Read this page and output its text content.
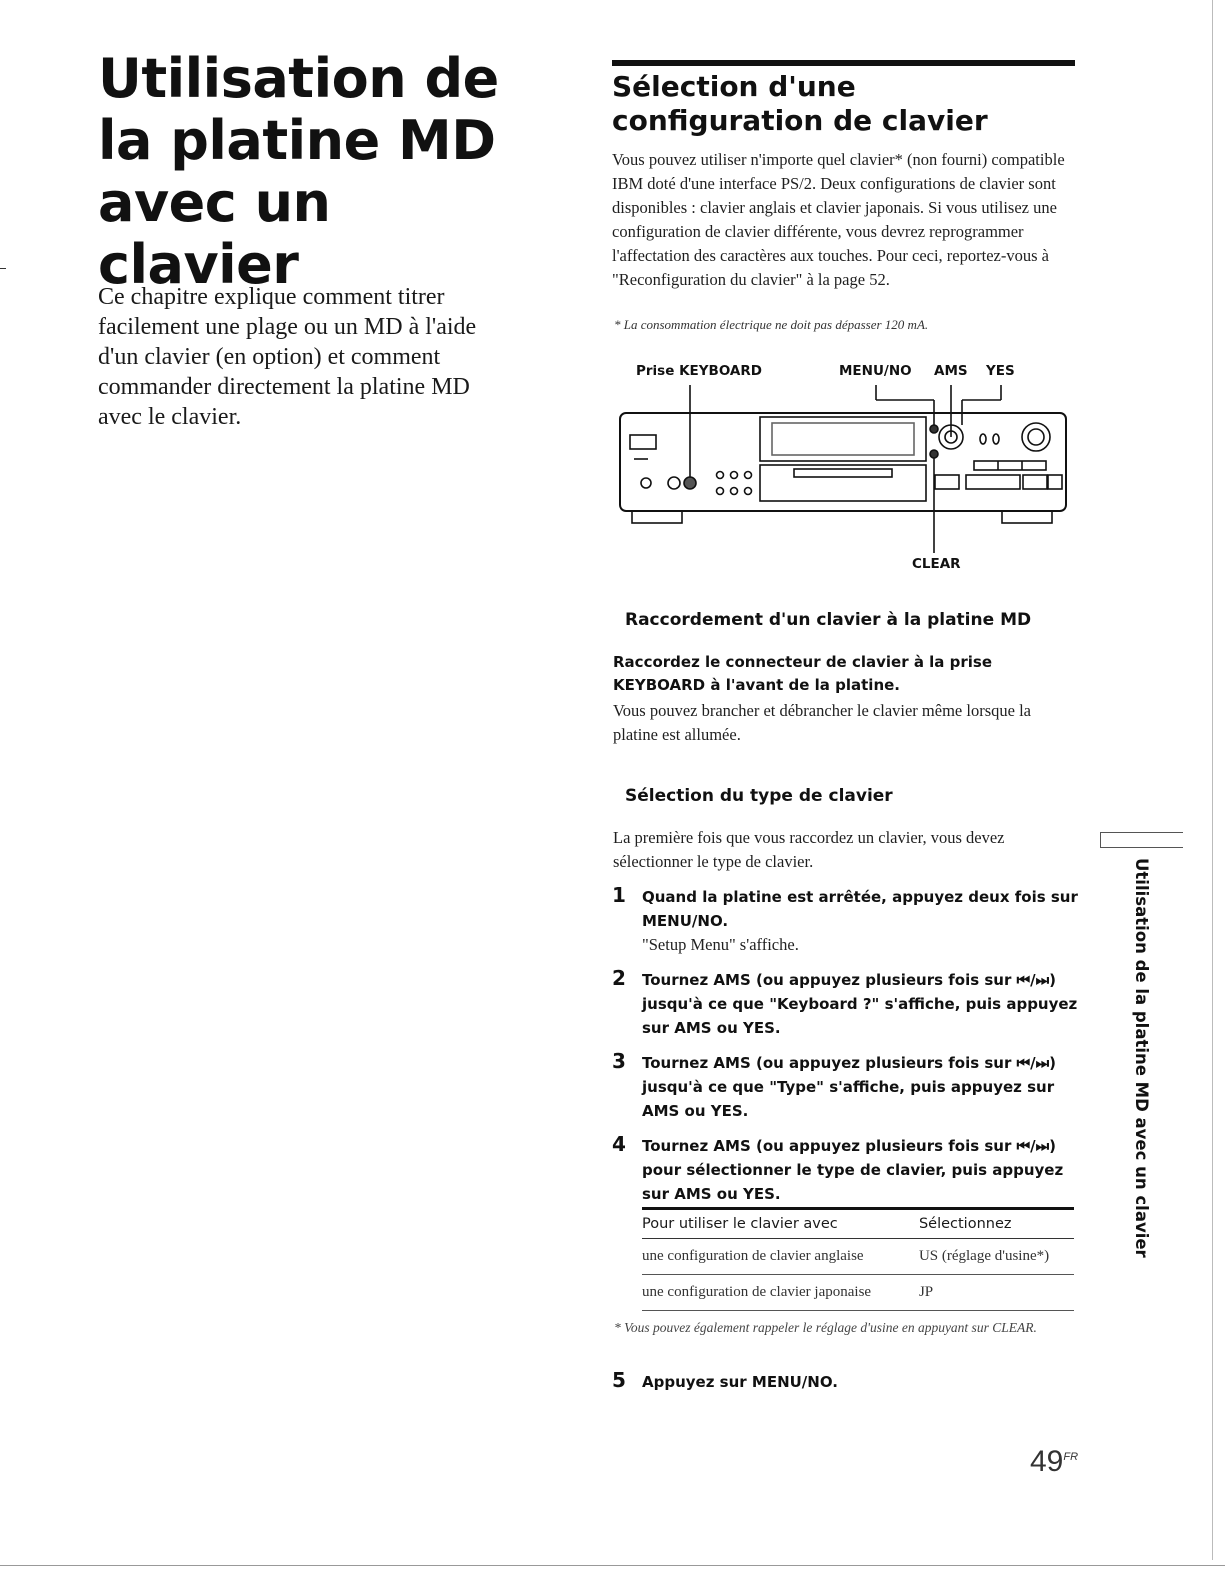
Utilisation de
la platine MD
avec un clavier

Ce chapitre explique comment titrer facilement une plage ou un MD à l'aide d'un clavier (en option) et comment commander directement la platine MD avec le clavier.

Sélection d'une
configuration de clavier

Vous pouvez utiliser n'importe quel clavier* (non fourni) compatible IBM doté d'une interface PS/2. Deux configurations de clavier sont disponibles : clavier anglais et clavier japonais. Si vous utilisez une configuration de clavier différente, vous devrez reprogrammer l'affectation des caractères aux touches. Pour ceci, reportez-vous à "Reconfiguration du clavier" à la page 52.

* La consommation électrique ne doit pas dépasser 120 mA.

Prise KEYBOARD	MENU/NO AMS YES
CLEAR
Raccordement d'un clavier à la platine MD

Raccordez le connecteur de clavier à la prise KEYBOARD à l'avant de la platine.

Vous pouvez brancher et débrancher le clavier même lorsque la platine est allumée.

Sélection du type de clavier

La première fois que vous raccordez un clavier, vous devez sélectionner le type de clavier.

1	Quand la platine est arrêtée, appuyez deux fois sur MENU/NO.
"Setup Menu" s'affiche.
2	Tournez AMS (ou appuyez plusieurs fois sur ⏮/⏭) jusqu'à ce que "Keyboard ?" s'affiche, puis appuyez sur AMS ou YES.
3	Tournez AMS (ou appuyez plusieurs fois sur ⏮/⏭) jusqu'à ce que "Type" s'affiche, puis appuyez sur AMS ou YES.
4	Tournez AMS (ou appuyez plusieurs fois sur ⏮/⏭) pour sélectionner le type de clavier, puis appuyez sur AMS ou YES.
Pour utiliser le clavier avec	Sélectionnez
une configuration de clavier anglaise	US (réglage d'usine*)
une configuration de clavier japonaise	JP

* Vous pouvez également rappeler le réglage d'usine en appuyant sur CLEAR.

5	Appuyez sur MENU/NO.
Utilisation de la platine MD avec un clavier
$49^{FR}$
